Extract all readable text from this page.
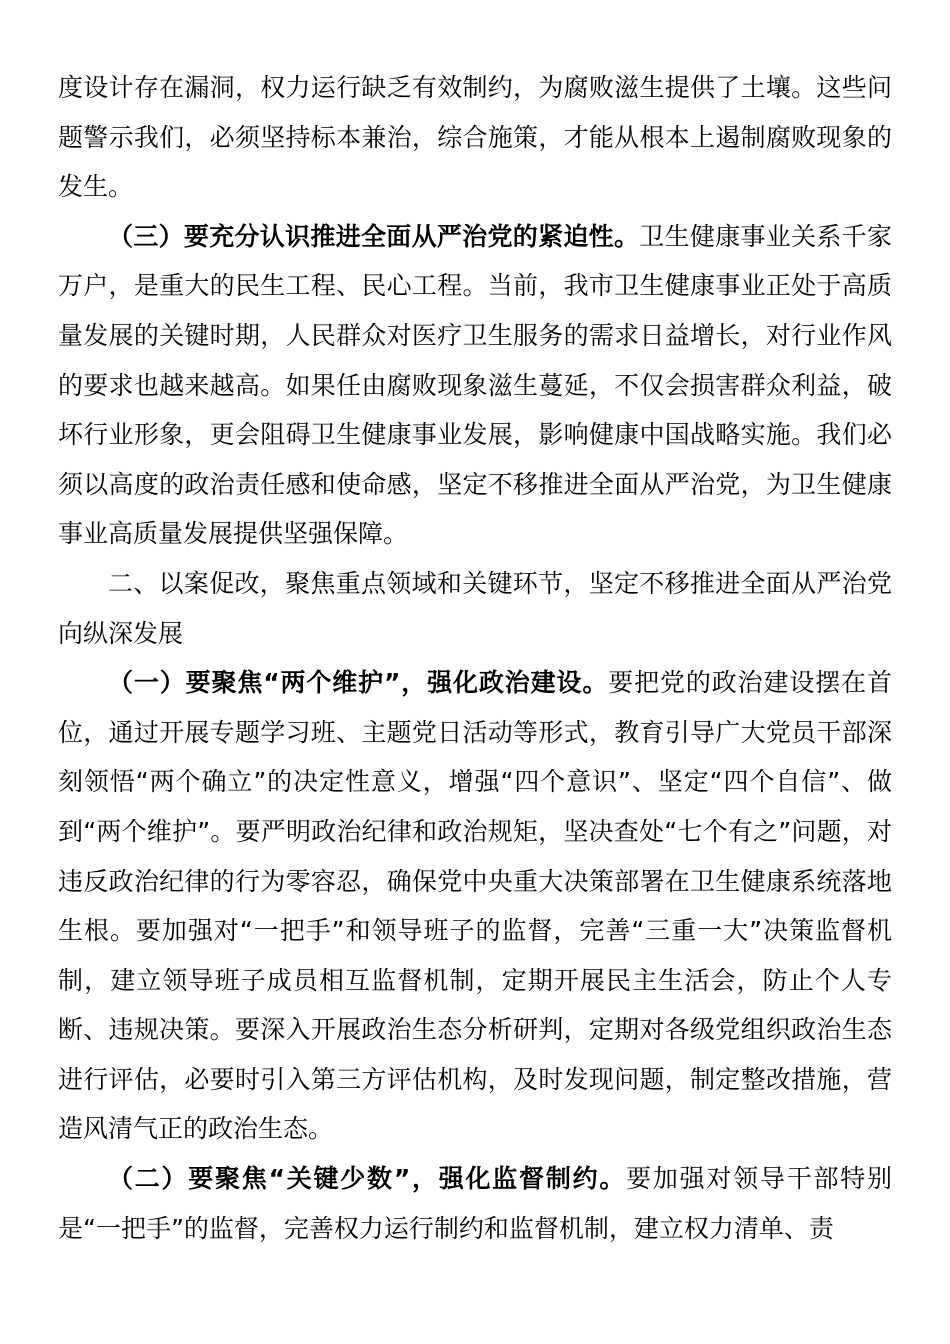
度设计存在漏洞，权力运行缺乏有效制约，为腐败滋生提供了土壤。这些问题警示我们，必须坚持标本兼治，综合施策，才能从根本上遏制腐败现象的发生。

（三）要充分认识推进全面从严治党的紧迫性。卫生健康事业关系千家万户，是重大的民生工程、民心工程。当前，我市卫生健康事业正处于高质量发展的关键时期，人民群众对医疗卫生服务的需求日益增长，对行业作风的要求也越来越高。如果任由腐败现象滋生蔓延，不仅会损害群众利益，破坏行业形象，更会阻碍卫生健康事业发展，影响健康中国战略实施。我们必须以高度的政治责任感和使命感，坚定不移推进全面从严治党，为卫生健康事业高质量发展提供坚强保障。

二、以案促改，聚焦重点领域和关键环节，坚定不移推进全面从严治党向纵深发展

（一）要聚焦“两个维护”，强化政治建设。要把党的政治建设摆在首位，通过开展专题学习班、主题党日活动等形式，教育引导广大党员干部深刻领悟“两个确立”的决定性意义，增强“四个意识”、坚定“四个自信”、做到“两个维护”。要严明政治纪律和政治规矩，坚决查处“七个有之”问题，对违反政治纪律的行为零容忍，确保党中央重大决策部署在卫生健康系统落地生根。要加强对“一把手”和领导班子的监督，完善“三重一大”决策监督机制，建立领导班子成员相互监督机制，定期开展民主生活会，防止个人专断、违规决策。要深入开展政治生态分析研判，定期对各级党组织政治生态进行评估，必要时引入第三方评估机构，及时发现问题，制定整改措施，营造风清气正的政治生态。

（二）要聚焦“关键少数”，强化监督制约。要加强对领导干部特别是“一把手”的监督，完善权力运行制约和监督机制，建立权力清单、责
